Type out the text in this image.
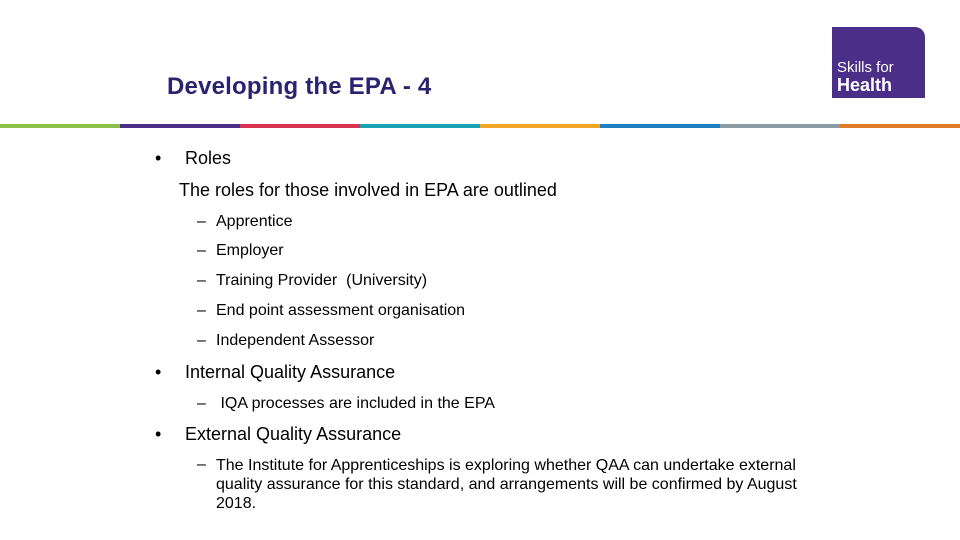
Developing the EPA - 4
Skills for
Health
• Roles
The roles for those involved in EPA are outlined
– Apprentice
– Employer
– Training Provider  (University)
– End point assessment organisation
– Independent Assessor
• Internal Quality Assurance
– IQA processes are included in the EPA
• External Quality Assurance
– The Institute for Apprenticeships is exploring whether QAA can undertake external quality assurance for this standard, and arrangements will be confirmed by August 2018.
